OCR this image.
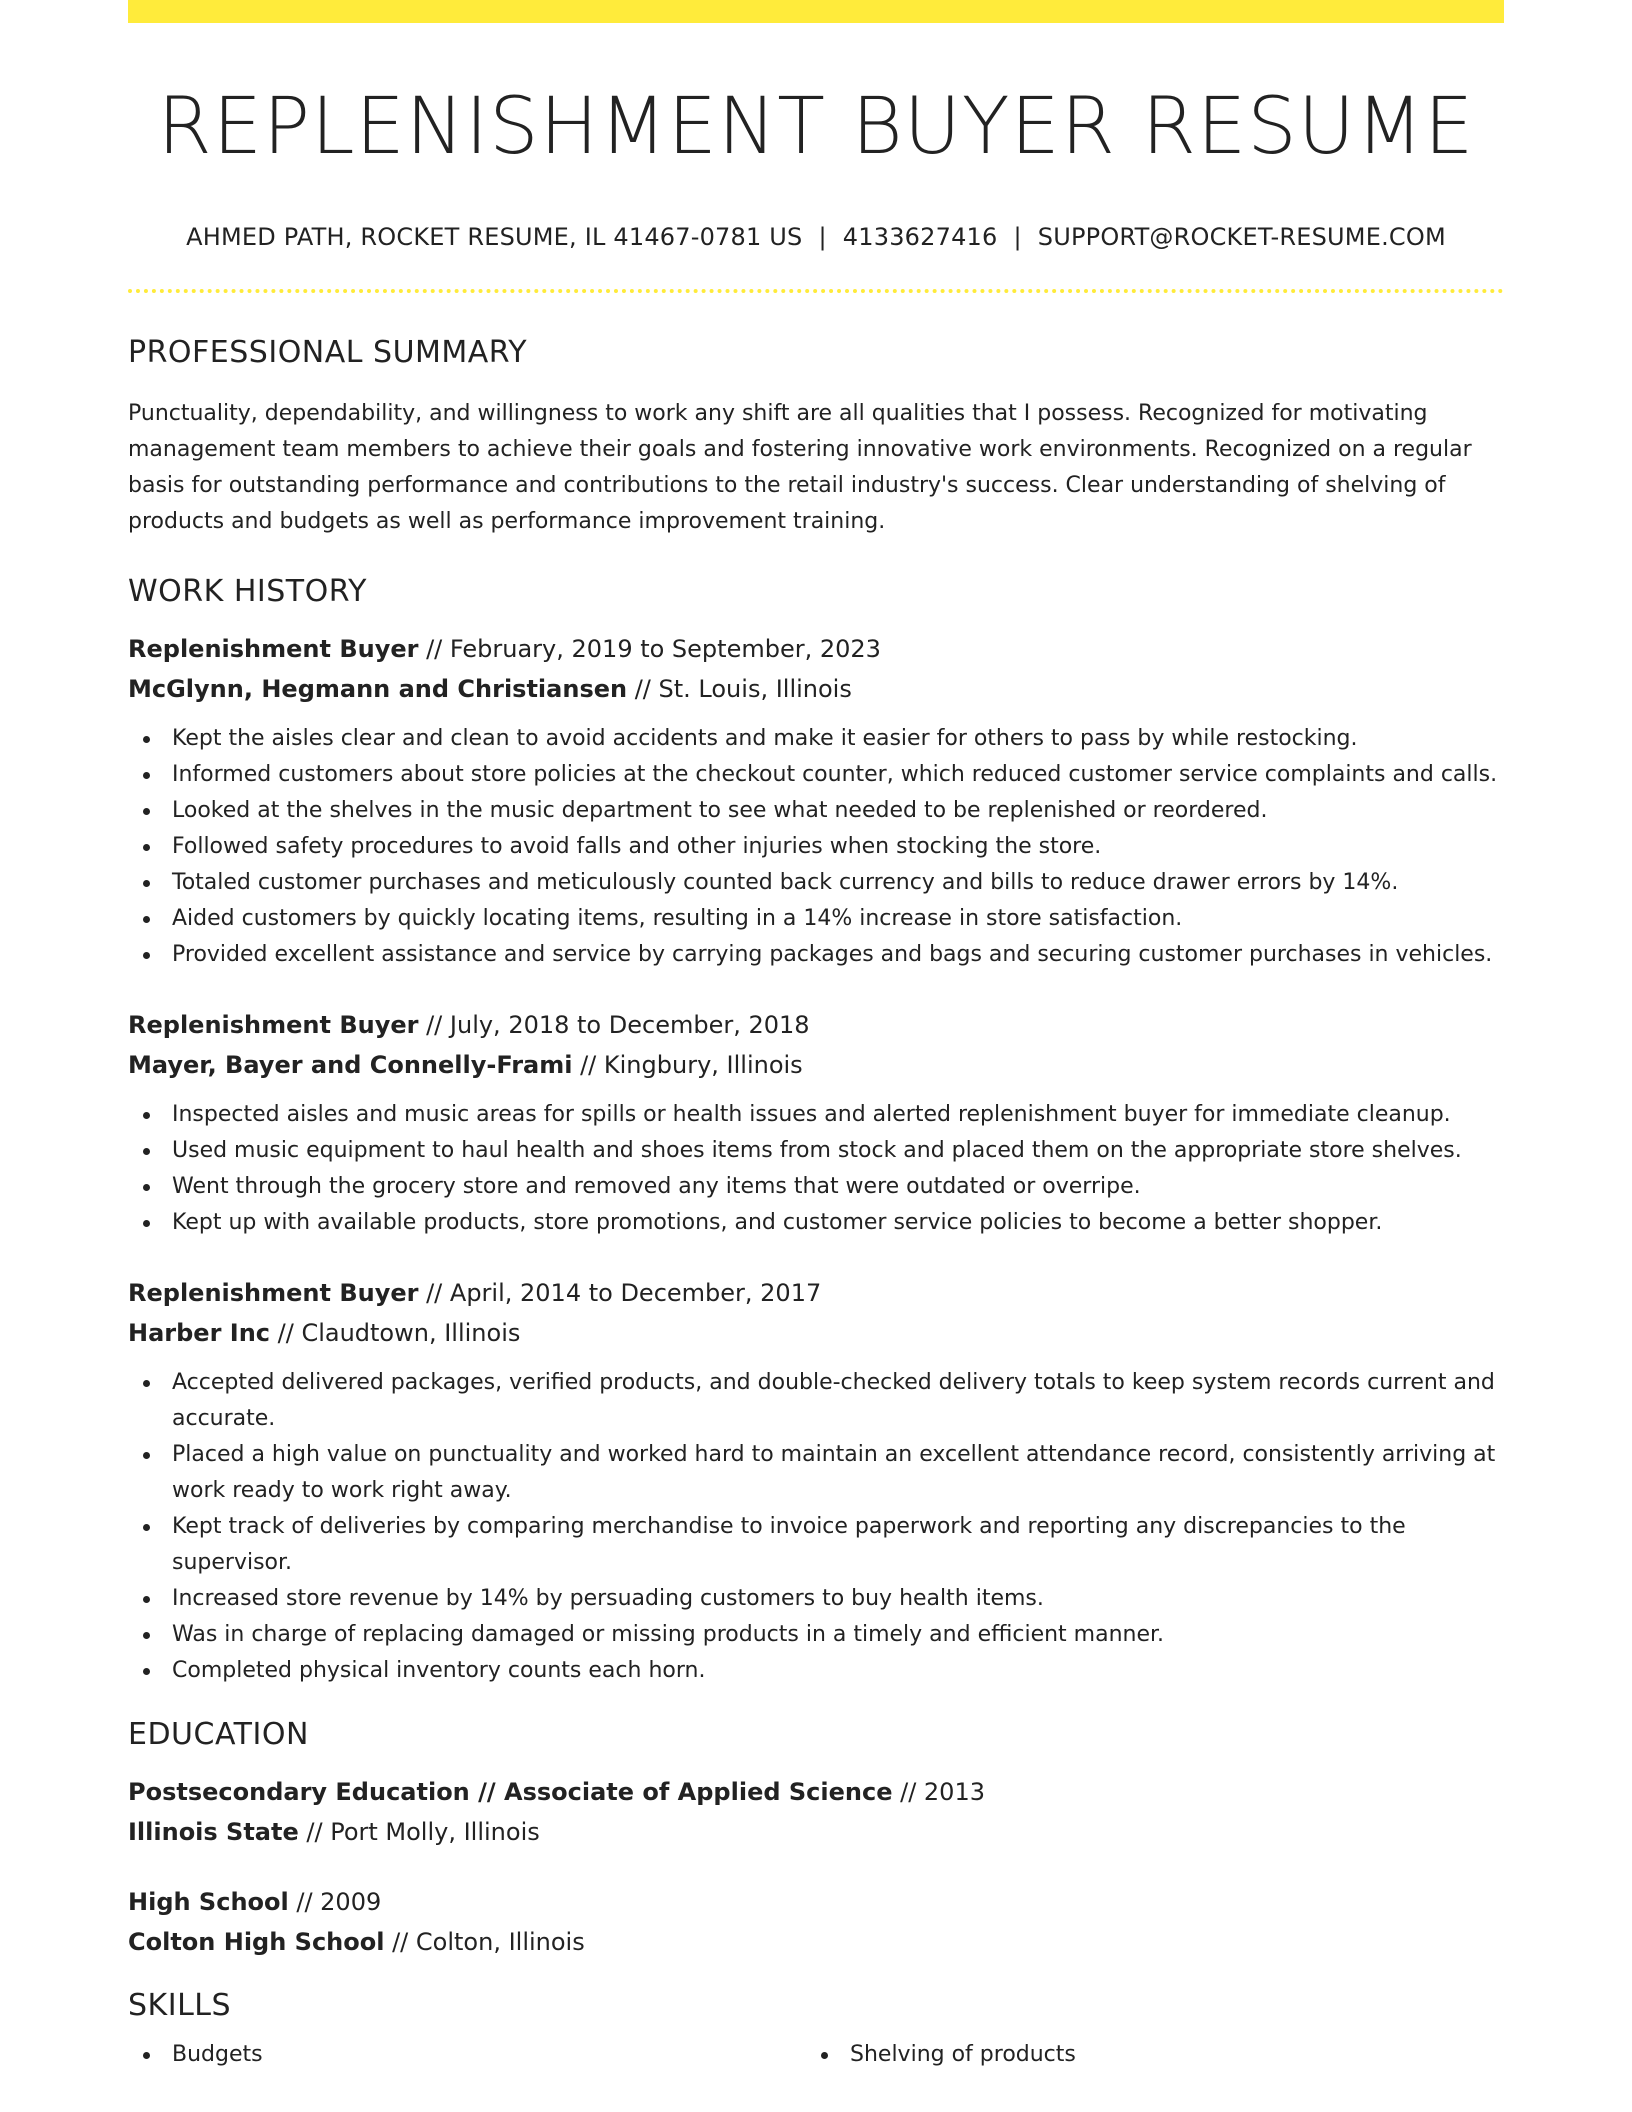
REPLENISHMENT BUYER RESUME
AHMED PATH, ROCKET RESUME, IL 41467-0781 US | 4133627416 | SUPPORT@ROCKET-RESUME.COM
PROFESSIONAL SUMMARY

Punctuality, dependability, and willingness to work any shift are all qualities that I possess. Recognized for motivating management team members to achieve their goals and fostering innovative work environments. Recognized on a regular basis for outstanding performance and contributions to the retail industry's success. Clear understanding of shelving of products and budgets as well as performance improvement training.

WORK HISTORY
Replenishment Buyer // February, 2019 to September, 2023
McGlynn, Hegmann and Christiansen // St. Louis, Illinois
Kept the aisles clear and clean to avoid accidents and make it easier for others to pass by while restocking.
Informed customers about store policies at the checkout counter, which reduced customer service complaints and calls.
Looked at the shelves in the music department to see what needed to be replenished or reordered.
Followed safety procedures to avoid falls and other injuries when stocking the store.
Totaled customer purchases and meticulously counted back currency and bills to reduce drawer errors by 14%.
Aided customers by quickly locating items, resulting in a 14% increase in store satisfaction.
Provided excellent assistance and service by carrying packages and bags and securing customer purchases in vehicles.
Replenishment Buyer // July, 2018 to December, 2018
Mayer, Bayer and Connelly-Frami // Kingbury, Illinois
Inspected aisles and music areas for spills or health issues and alerted replenishment buyer for immediate cleanup.
Used music equipment to haul health and shoes items from stock and placed them on the appropriate store shelves.
Went through the grocery store and removed any items that were outdated or overripe.
Kept up with available products, store promotions, and customer service policies to become a better shopper.
Replenishment Buyer // April, 2014 to December, 2017
Harber Inc // Claudtown, Illinois
Accepted delivered packages, verified products, and double-checked delivery totals to keep system records current and accurate.
Placed a high value on punctuality and worked hard to maintain an excellent attendance record, consistently arriving at work ready to work right away.
Kept track of deliveries by comparing merchandise to invoice paperwork and reporting any discrepancies to the supervisor.
Increased store revenue by 14% by persuading customers to buy health items.
Was in charge of replacing damaged or missing products in a timely and efficient manner.
Completed physical inventory counts each horn.
EDUCATION
Postsecondary Education // Associate of Applied Science // 2013
Illinois State // Port Molly, Illinois
High School // 2009
Colton High School // Colton, Illinois
SKILLS
Budgets	Shelving of products
